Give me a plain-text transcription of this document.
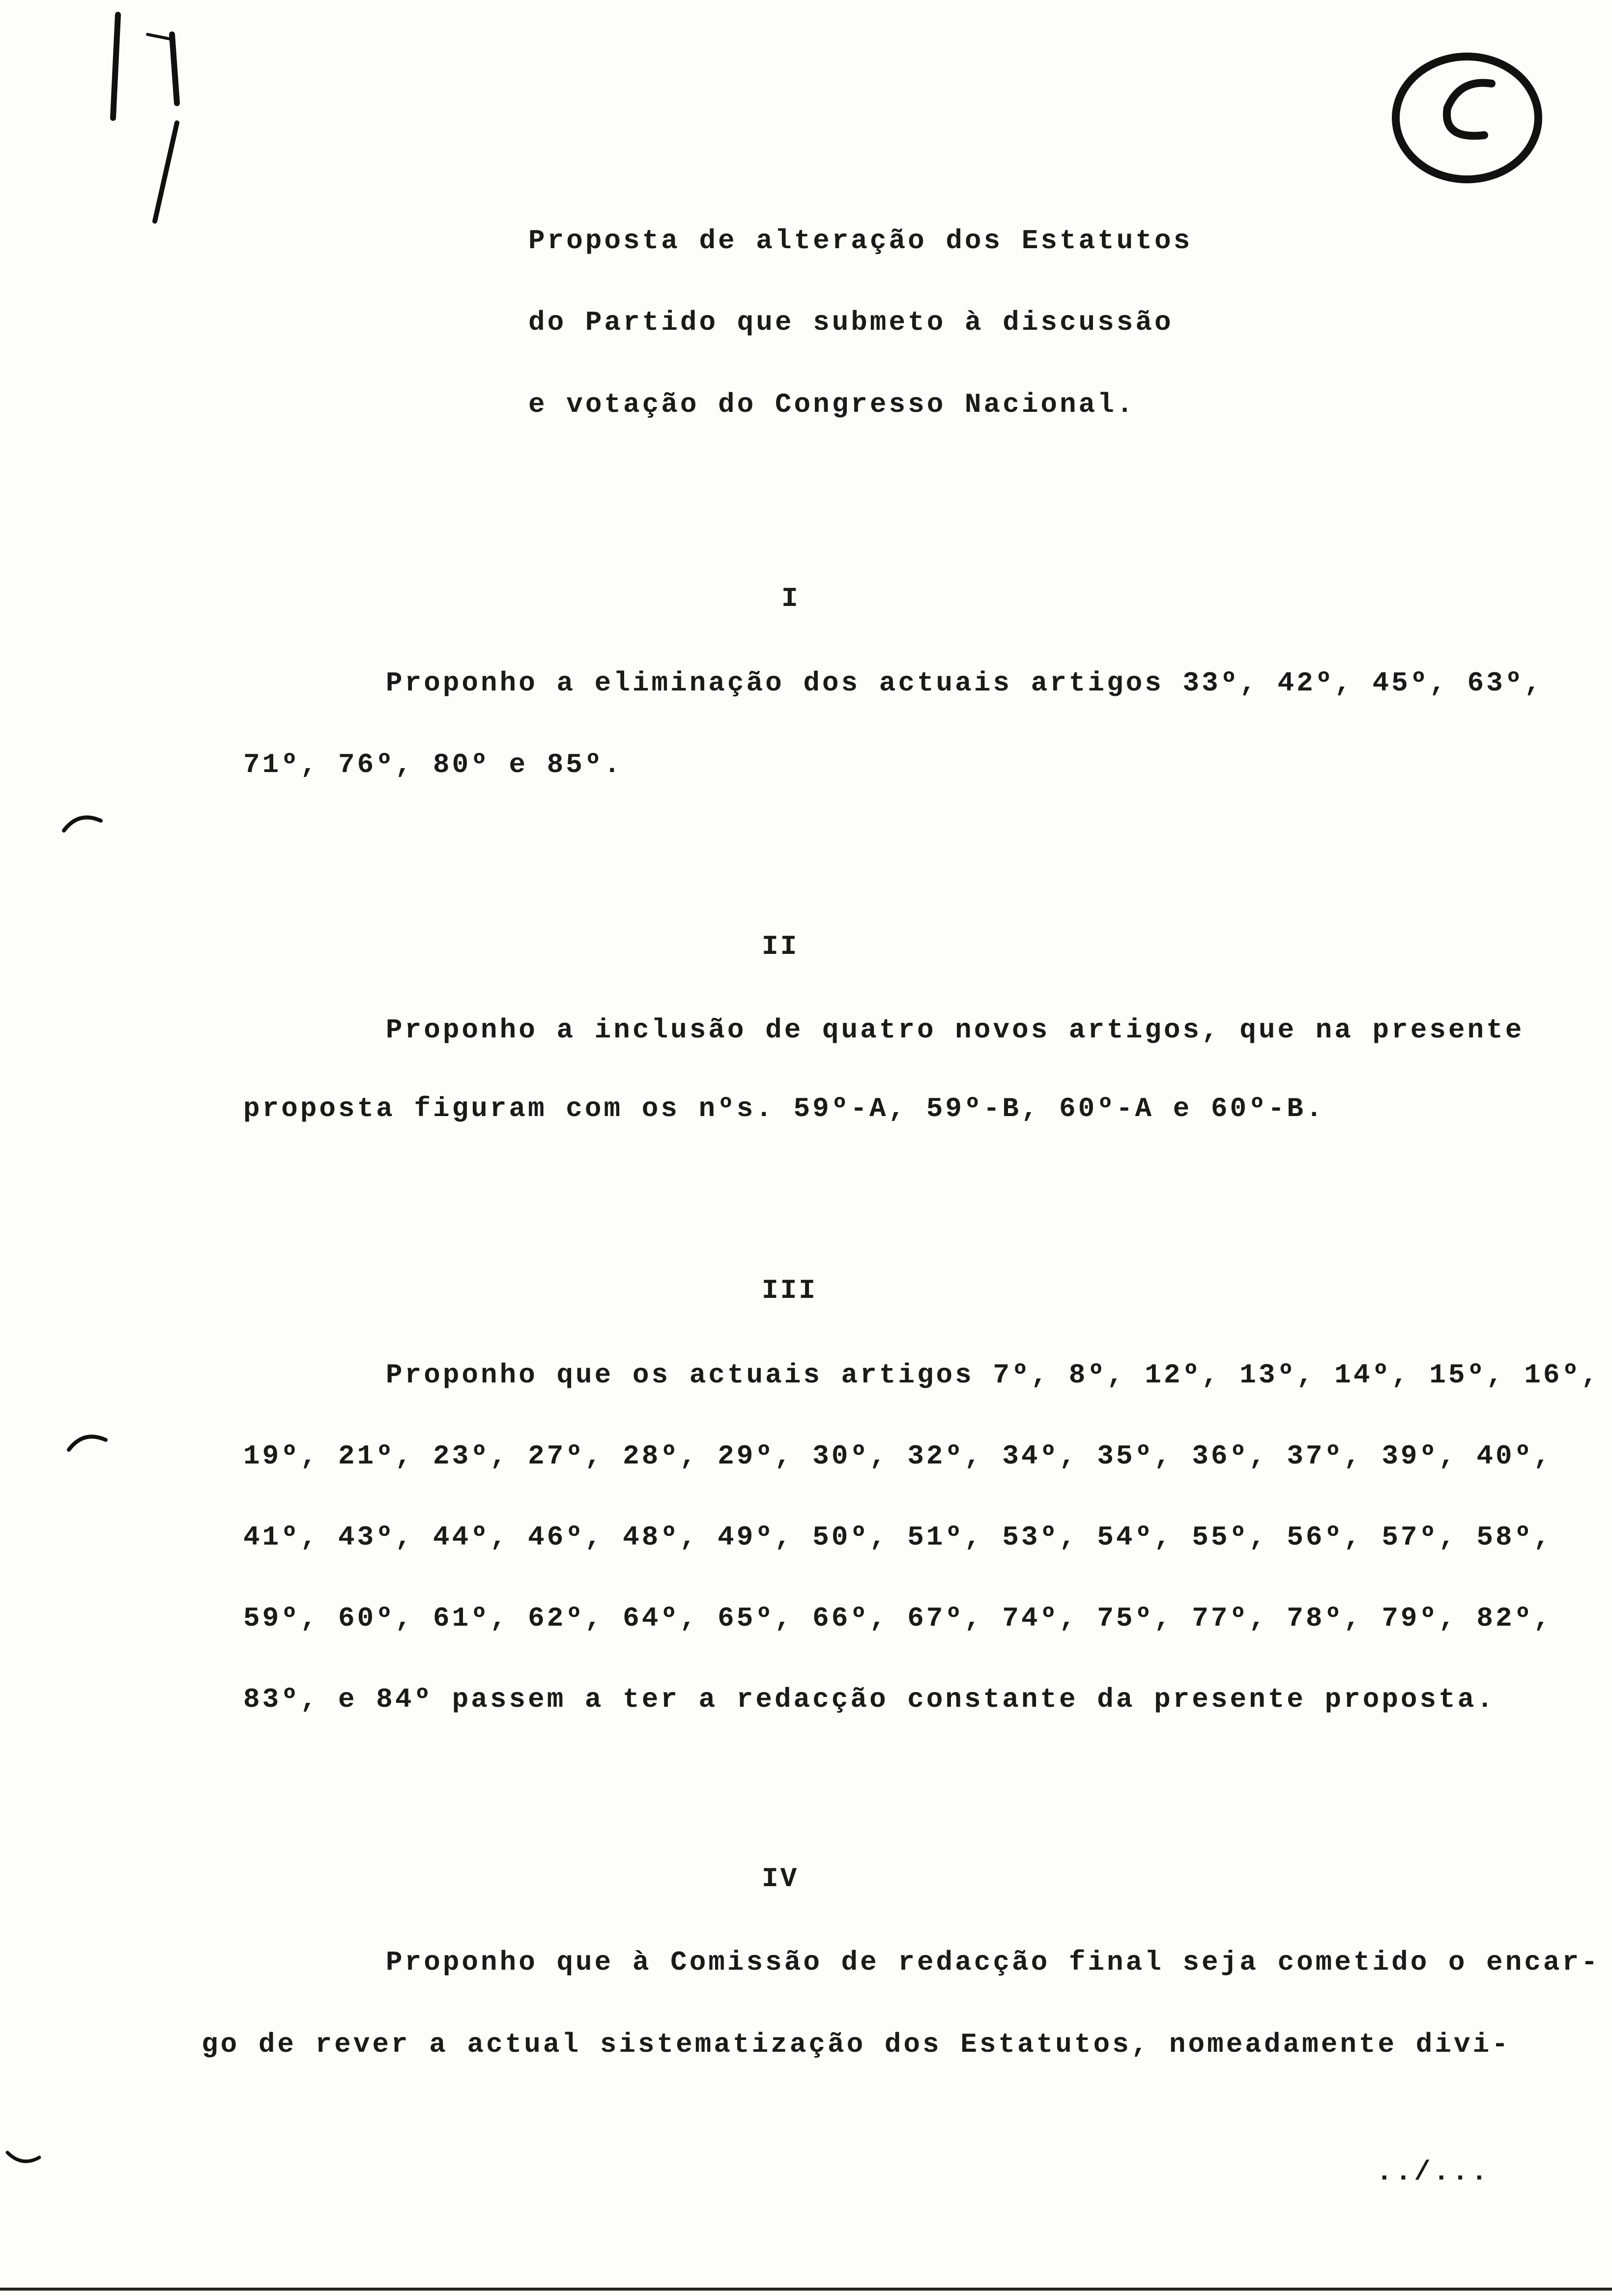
Proposta de alteração dos Estatutos
do Partido que submeto à discussão
e votação do Congresso Nacional.
I
Proponho a eliminação dos actuais artigos 33º, 42º, 45º, 63º,
71º, 76º, 80º e 85º.
II
Proponho a inclusão de quatro novos artigos, que na presente
proposta figuram com os nºs. 59º-A, 59º-B, 60º-A e 60º-B.
III
Proponho que os actuais artigos 7º, 8º, 12º, 13º, 14º, 15º, 16º,
19º, 21º, 23º, 27º, 28º, 29º, 30º, 32º, 34º, 35º, 36º, 37º, 39º, 40º,
41º, 43º, 44º, 46º, 48º, 49º, 50º, 51º, 53º, 54º, 55º, 56º, 57º, 58º,
59º, 60º, 61º, 62º, 64º, 65º, 66º, 67º, 74º, 75º, 77º, 78º, 79º, 82º,
83º, e 84º passem a ter a redacção constante da presente proposta.
IV
Proponho que à Comissão de redacção final seja cometido o encar-
go de rever a actual sistematização dos Estatutos, nomeadamente divi-
../...
